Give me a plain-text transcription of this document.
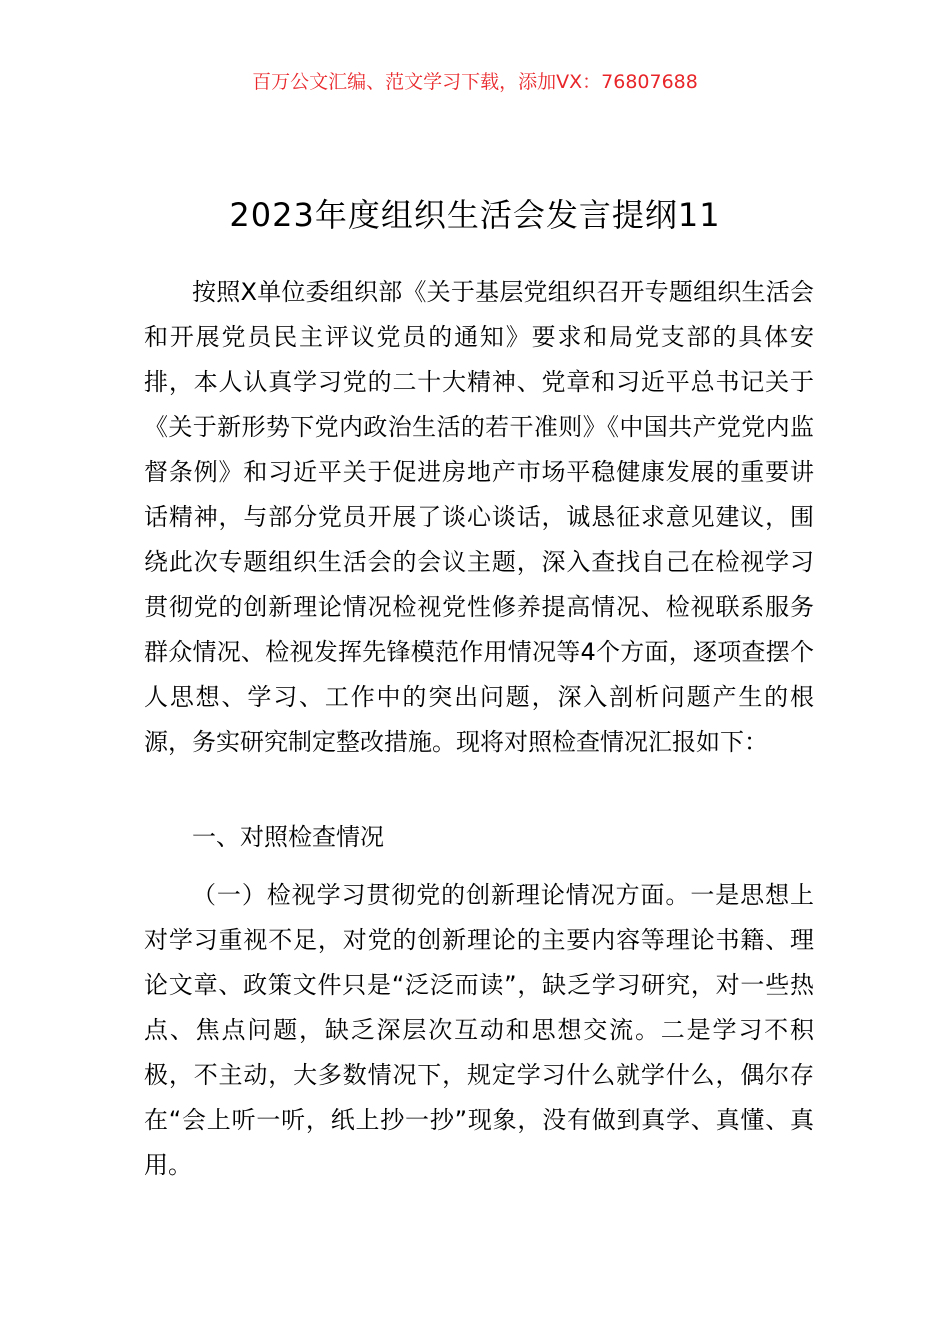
百万公文汇编、范文学习下载，添加VX：76807688
2023年度组织生活会发言提纲11

按照X单位委组织部《关于基层党组织召开专题组织生活会和开展党员民主评议党员的通知》要求和局党支部的具体安排，本人认真学习党的二十大精神、党章和习近平总书记关于《关于新形势下党内政治生活的若干准则》《中国共产党党内监督条例》和习近平关于促进房地产市场平稳健康发展的重要讲话精神，与部分党员开展了谈心谈话，诚恳征求意见建议，围绕此次专题组织生活会的会议主题，深入查找自己在检视学习贯彻党的创新理论情况检视党性修养提高情况、检视联系服务群众情况、检视发挥先锋模范作用情况等4个方面，逐项查摆个人思想、学习、工作中的突出问题，深入剖析问题产生的根源，务实研究制定整改措施。现将对照检查情况汇报如下：

一、对照检查情况

（一）检视学习贯彻党的创新理论情况方面。一是思想上对学习重视不足，对党的创新理论的主要内容等理论书籍、理论文章、政策文件只是“泛泛而读”，缺乏学习研究，对一些热点、焦点问题，缺乏深层次互动和思想交流。二是学习不积极，不主动，大多数情况下，规定学习什么就学什么，偶尔存在“会上听一听，纸上抄一抄”现象，没有做到真学、真懂、真用。
